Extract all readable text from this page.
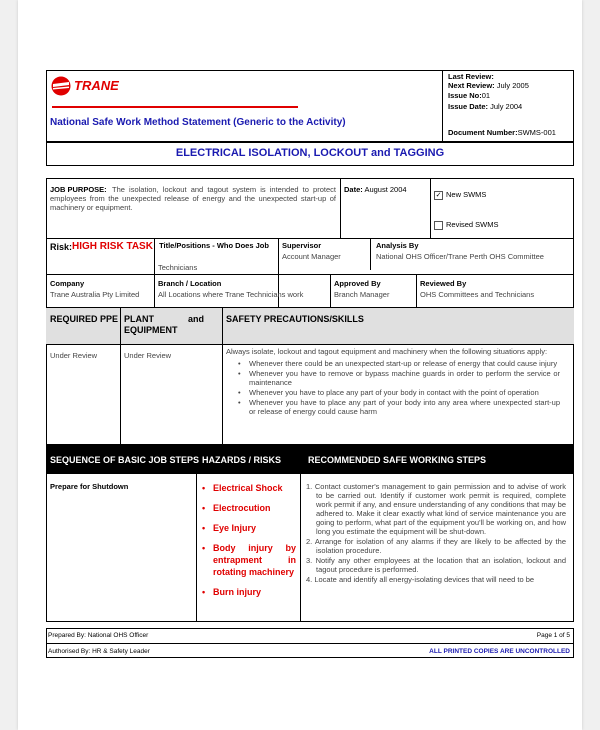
TRANE
National Safe Work Method Statement (Generic to the Activity)
Last Review:
Next Review: July 2005
Issue No:01
Issue Date: July 2004
Document Number:SWMS-001
ELECTRICAL ISOLATION, LOCKOUT and TAGGING
JOB PURPOSE: The isolation, lockout and tagout system is intended to protect employees from the unexpected release of energy and the unexpected start-up of machinery or equipment.
Date: August 2004
✓ New SWMS
Revised SWMS
Risk: HIGH RISK TASK Title/Positions - Who Does Job
Technicians
Supervisor
Account Manager
Analysis By
National OHS Officer/Trane Perth OHS Committee
Company
Trane Australia Pty Limited
Branch / Location
All Locations where Trane Technicians work
Approved By
Branch Manager
Reviewed By
OHS Committees and Technicians
REQUIRED PPE PLANT and EQUIPMENT
SAFETY PRECAUTIONS/SKILLS
Under Review	Under Review	Always isolate, lockout and tagout equipment and machinery when the following situations apply:
• Whenever there could be an unexpected start-up or release of energy that could cause injury
• Whenever you have to remove or bypass machine guards in order to perform the service or maintenance
• Whenever you have to place any part of your body in contact with the point of operation
• Whenever you have to place any part of your body into any area where unexpected start-up or release of energy could cause harm
SEQUENCE OF BASIC JOB STEPS HAZARDS / RISKS	RECOMMENDED SAFE WORKING STEPS
Prepare for Shutdown
•	Electrical Shock
• Electrocution
• Eye Injury
• Body injury by entrapment in rotating machinery
• Burn injury
1. Contact customer's management to gain permission and to advise of work to be carried out. Identify if customer work permit is required, complete work permit if any, and ensure understanding of any conditions that may be adhered to. Make it clear exactly what kind of service maintenance you are going to perform, what part of the equipment you'll be working on, and how long you estimate the equipment will be shut-down.
2. Arrange for isolation of any alarms if they are likely to be affected by the isolation procedure.
3. Notify any other employees at the location that an isolation, lockout and tagout procedure is performed.
4. Locate and identify all energy-isolating devices that will need to be
Prepared By: National OHS Officer	Page 1 of 5
Authorised By: HR & Safety Leader	ALL PRINTED COPIES ARE UNCONTROLLED
